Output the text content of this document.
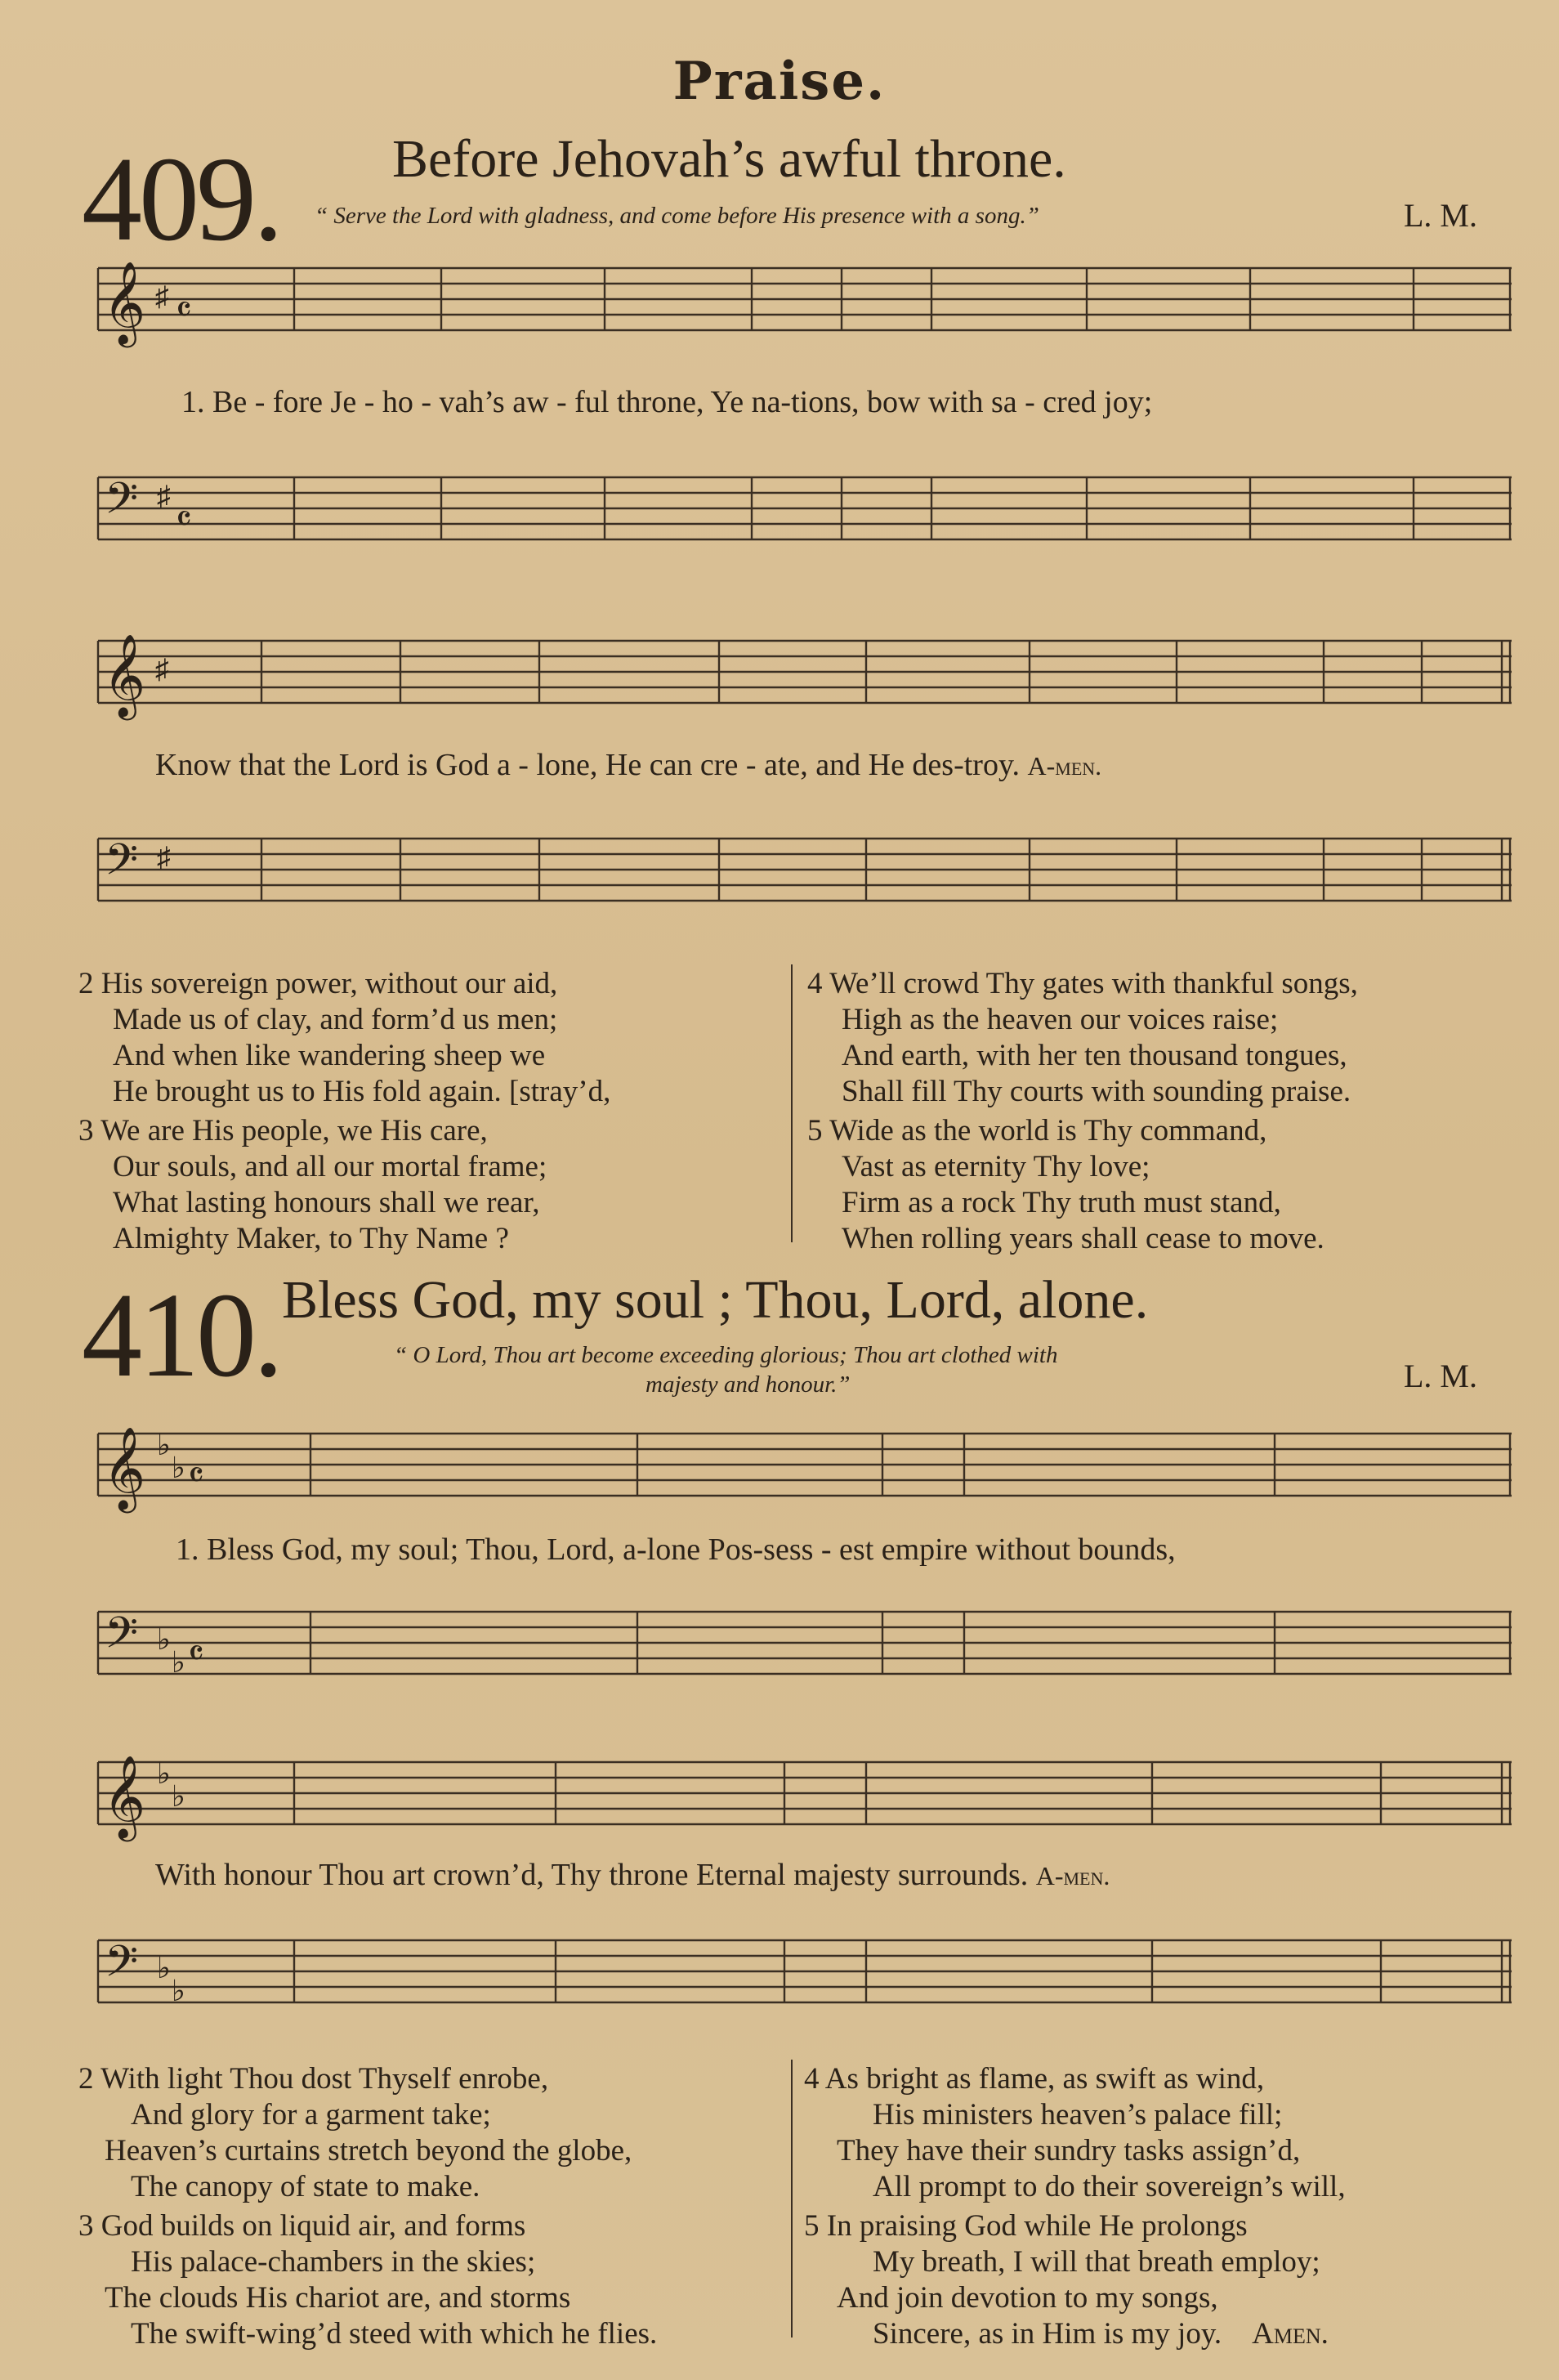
Praise.
409. Before Jehovah’s awful throne.
“ Serve the Lord with gladness, and come before His presence with a song.”	L. M.
𝄞 ♯ 𝄴
1. Be - fore Je - ho - vah’s aw - ful throne, Ye na-tions, bow with sa - cred joy;
𝄢 ♯
𝄴
𝄞 ♯
Know that the Lord is God a - lone, He can cre - ate, and He des-troy. A-men.
𝄢 ♯
2 His sovereign power, without our aid,
Made us of clay, and form’d us men;
And when like wandering sheep we
He brought us to His fold again. [stray’d,
3 We are His people, we His care,
Our souls, and all our mortal frame;
What lasting honours shall we rear,
Almighty Maker, to Thy Name ?
4 We’ll crowd Thy gates with thankful songs,
High as the heaven our voices raise;
And earth, with her ten thousand tongues,
Shall fill Thy courts with sounding praise.
5 Wide as the world is Thy command,
Vast as eternity Thy love;
Firm as a rock Thy truth must stand,
When rolling years shall cease to move.
410. Bless God, my soul ; Thou, Lord, alone.
“ O Lord, Thou art become exceeding glorious; Thou art clothed with
majesty and honour.”	L. M.
𝄞 ♭
♭ 𝄴
1. Bless God, my soul; Thou, Lord, a-lone Pos-sess - est empire without bounds,
𝄢 ♭
♭ 𝄴
𝄞 ♭
♭
With honour Thou art crown’d, Thy throne Eternal majesty surrounds. A-men.
𝄢 ♭
♭
2 With light Thou dost Thyself enrobe,
And glory for a garment take;
Heaven’s curtains stretch beyond the globe,
The canopy of state to make.
3 God builds on liquid air, and forms
His palace-chambers in the skies;
The clouds His chariot are, and storms
The swift-wing’d steed with which he flies.
4 As bright as flame, as swift as wind,
His ministers heaven’s palace fill;
They have their sundry tasks assign’d,
All prompt to do their sovereign’s will,
5 In praising God while He prolongs
My breath, I will that breath employ;
And join devotion to my songs,
Sincere, as in Him is my joy. Amen.
